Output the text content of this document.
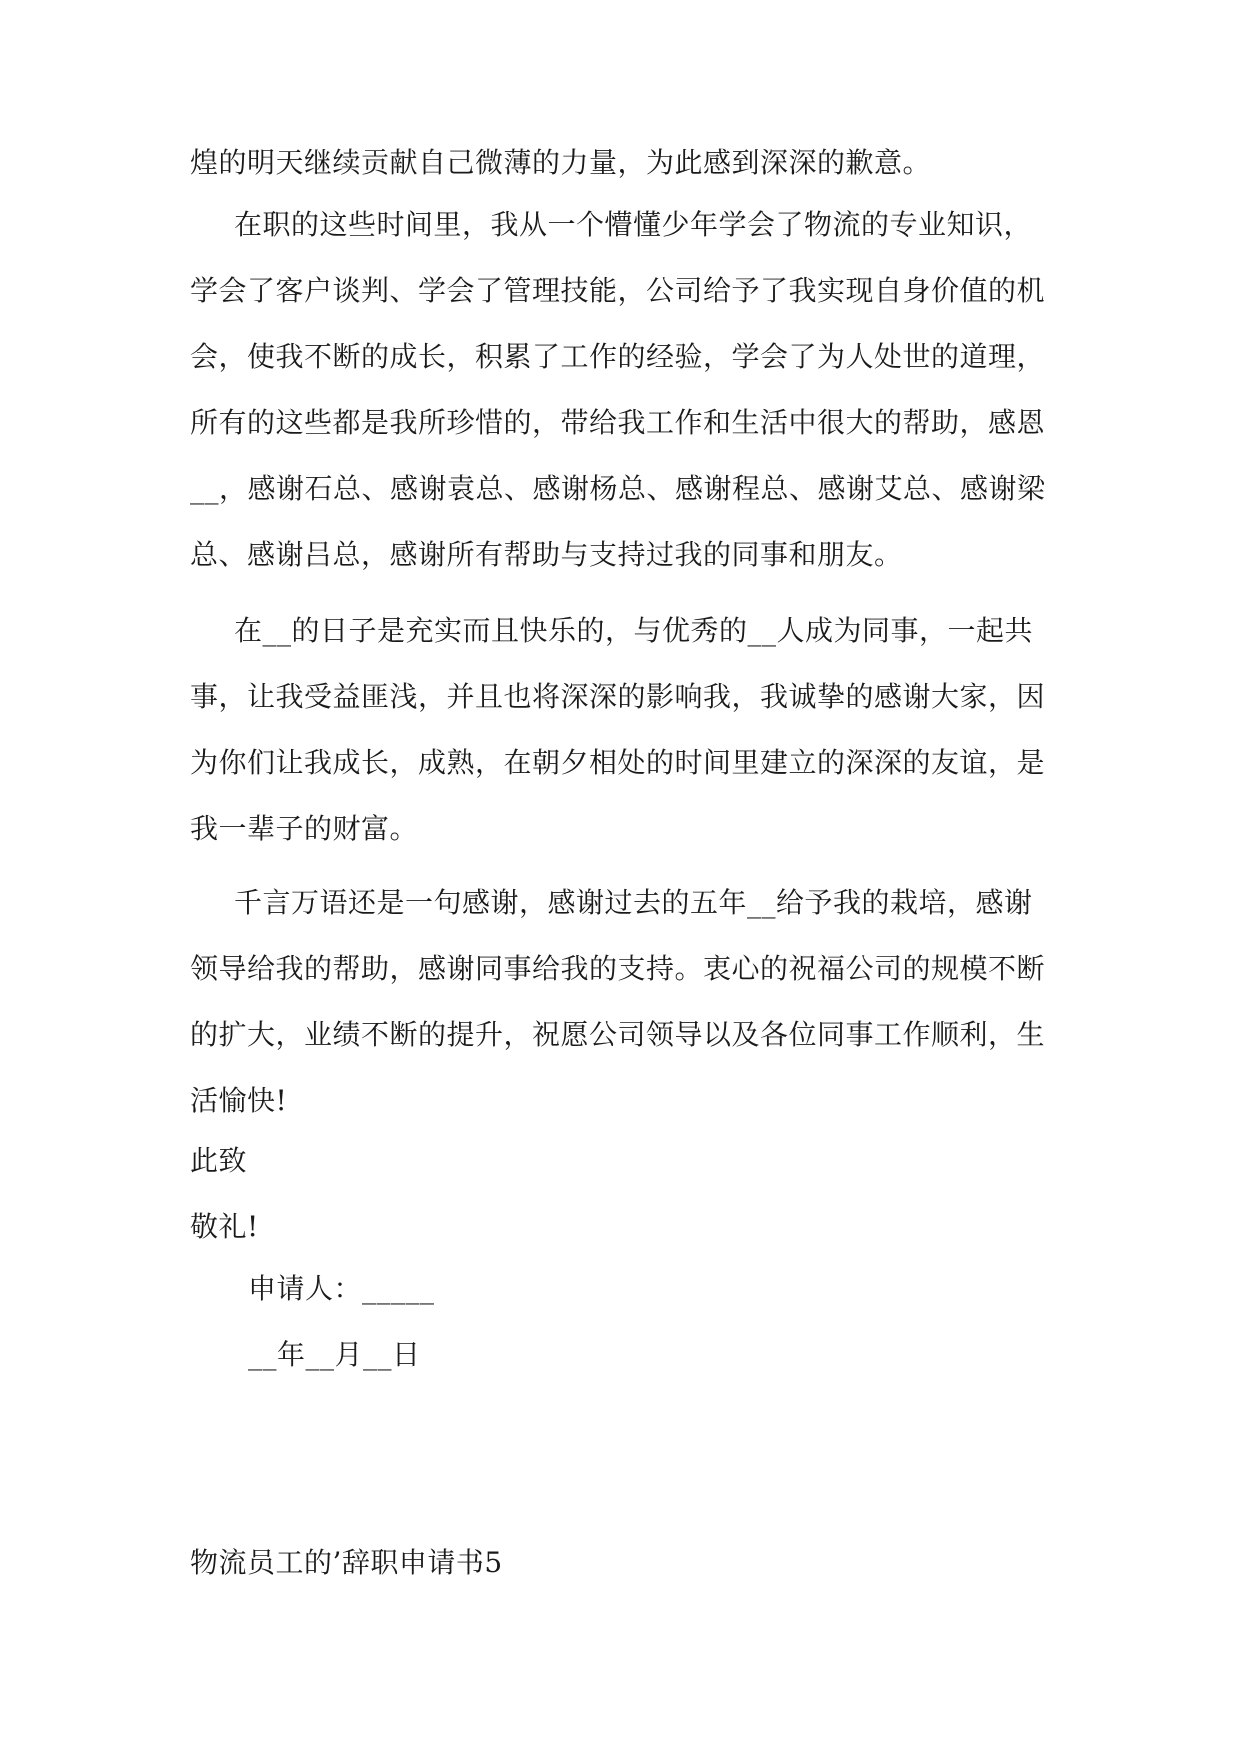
煌的明天继续贡献自己微薄的力量，为此感到深深的歉意。
在职的这些时间里，我从一个懵懂少年学会了物流的专业知识，
学会了客户谈判、学会了管理技能，公司给予了我实现自身价值的机
会，使我不断的成长，积累了工作的经验，学会了为人处世的道理，
所有的这些都是我所珍惜的，带给我工作和生活中很大的帮助，感恩
__，感谢石总、感谢袁总、感谢杨总、感谢程总、感谢艾总、感谢梁
总、感谢吕总，感谢所有帮助与支持过我的同事和朋友。
在__的日子是充实而且快乐的，与优秀的__人成为同事，一起共
事，让我受益匪浅，并且也将深深的影响我，我诚挚的感谢大家，因
为你们让我成长，成熟，在朝夕相处的时间里建立的深深的友谊，是
我一辈子的财富。
千言万语还是一句感谢，感谢过去的五年__给予我的栽培，感谢
领导给我的帮助，感谢同事给我的支持。衷心的祝福公司的规模不断
的扩大，业绩不断的提升，祝愿公司领导以及各位同事工作顺利，生
活愉快!
此致
敬礼!
申请人：_____
__年__月__日
物流员工的’辞职申请书5
